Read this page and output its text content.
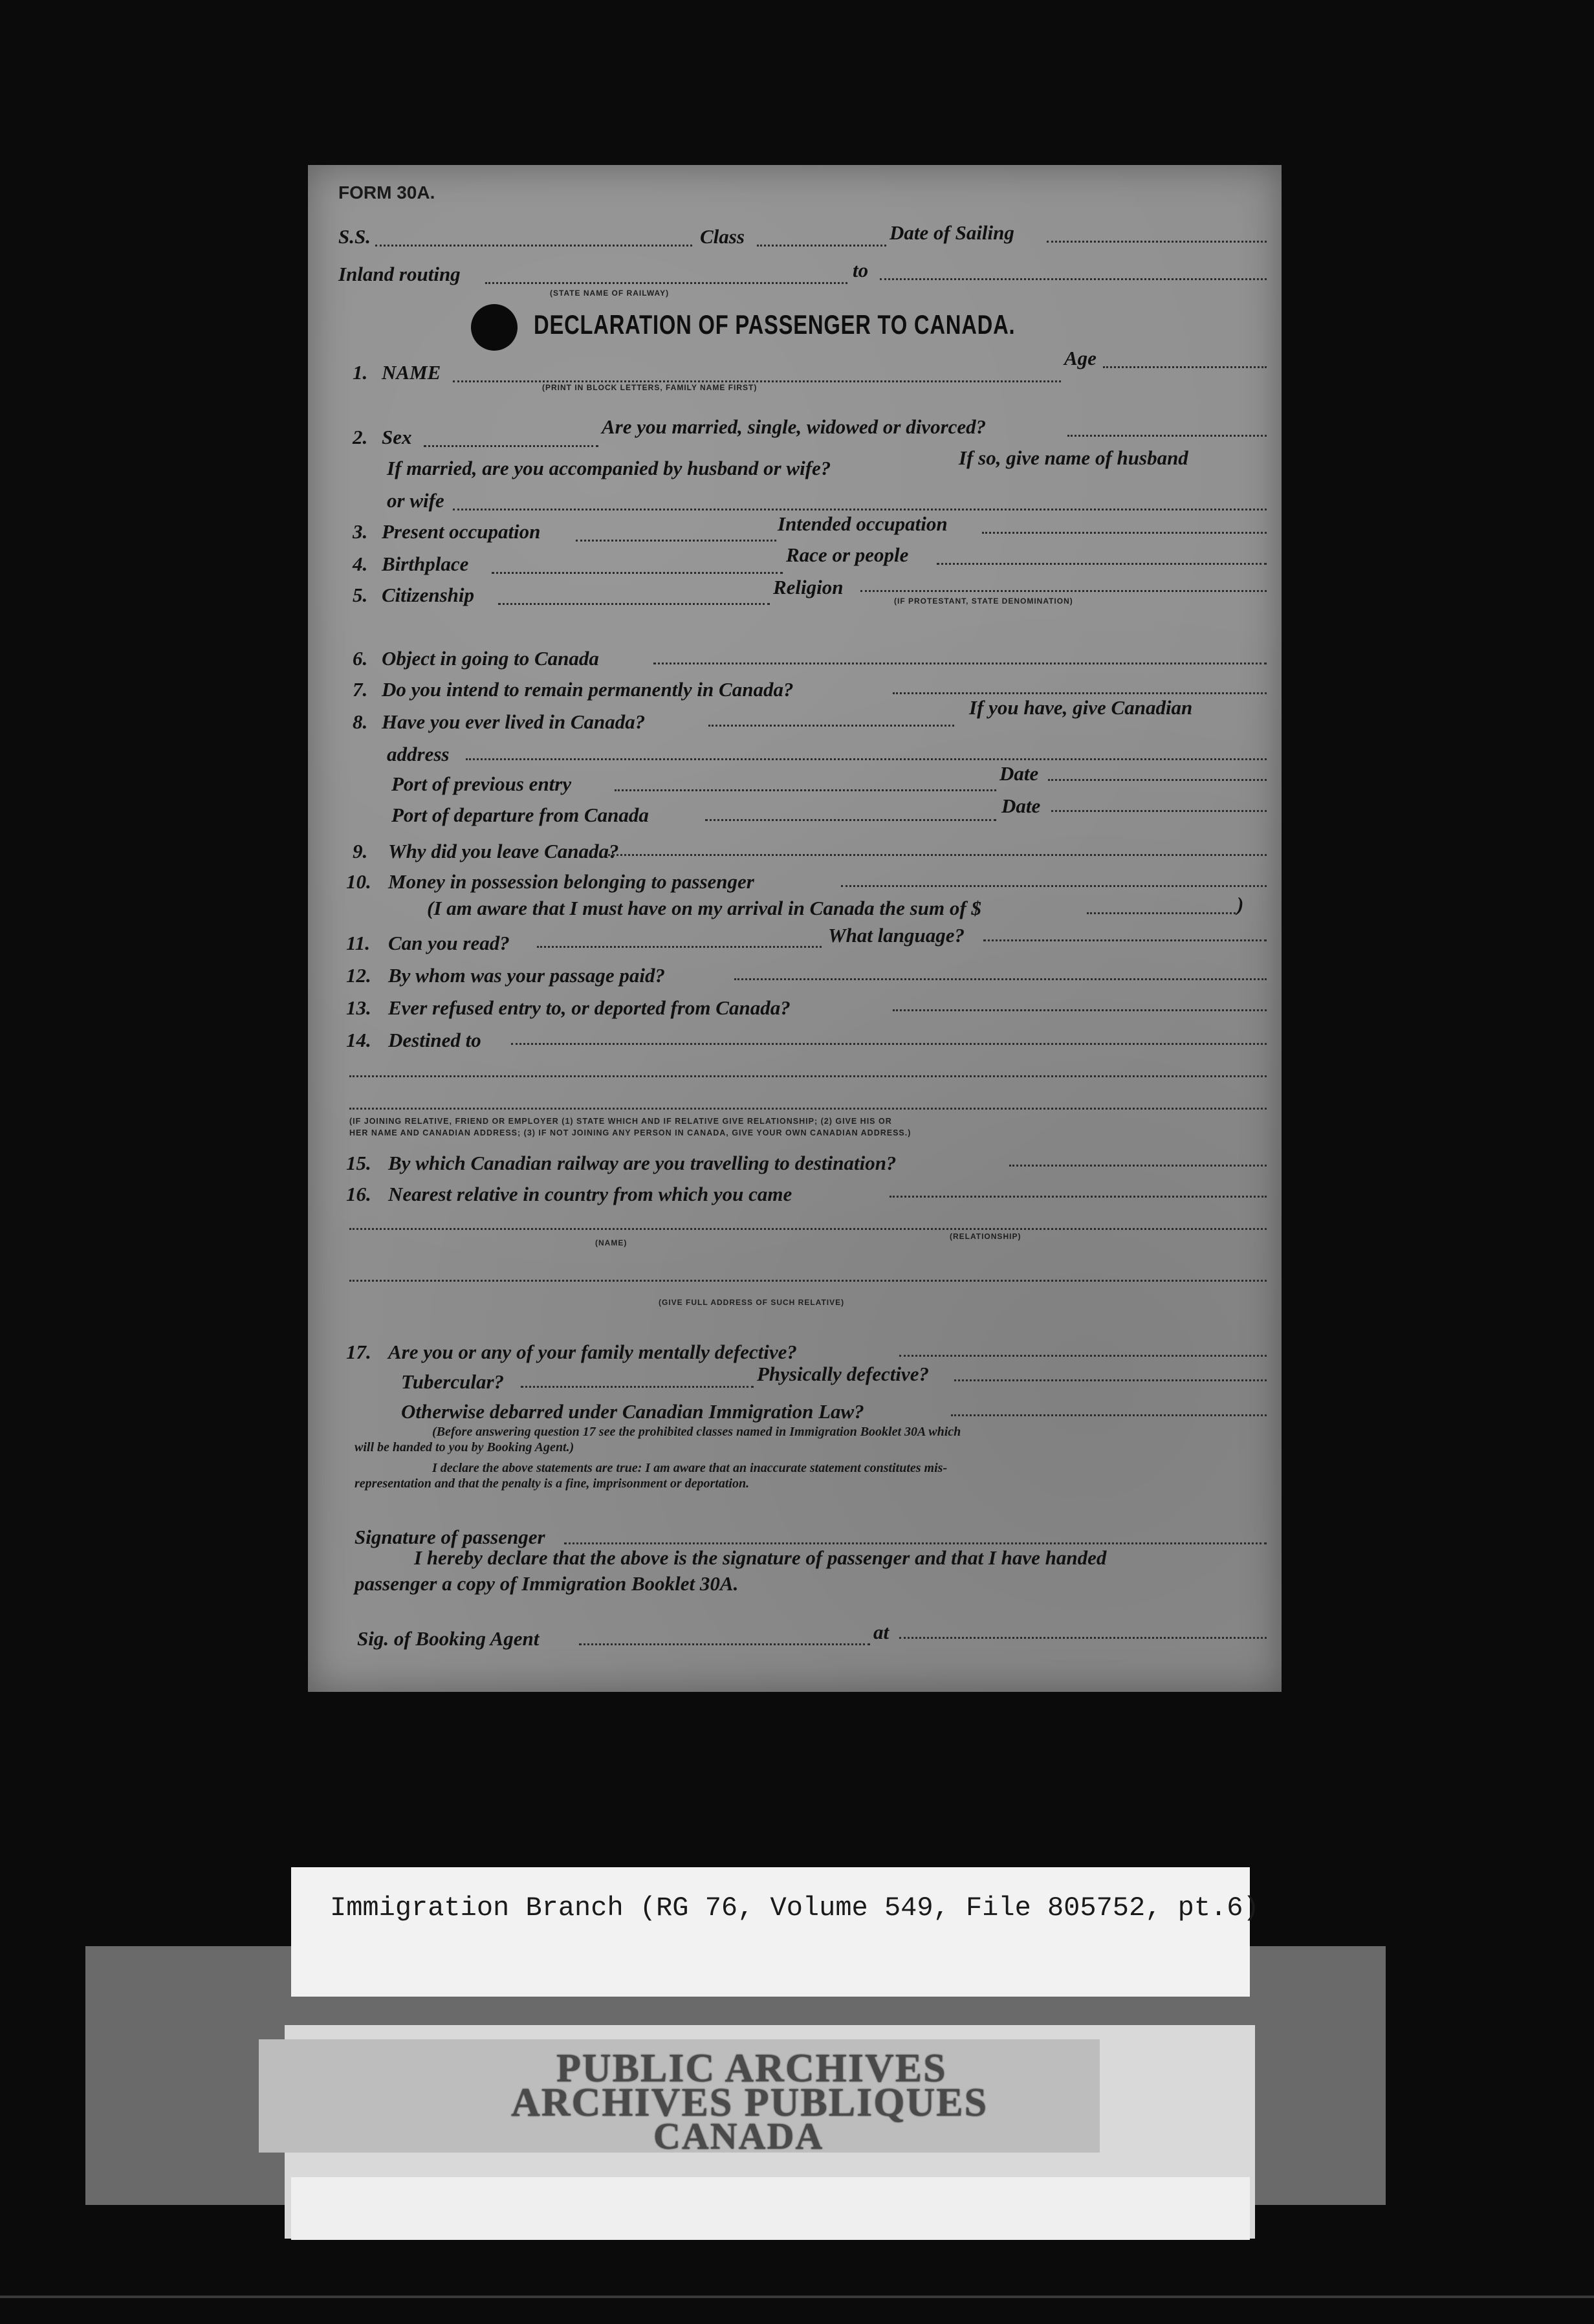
FORM 30A.
S.S.	Class	Date of Sailing
Inland routing	to
(STATE NAME OF RAILWAY)
DECLARATION OF PASSENGER TO CANADA.
1. NAME
Age
(PRINT IN BLOCK LETTERS, FAMILY NAME FIRST)
2. Sex	Are you married, single, widowed or divorced?
If married, are you accompanied by husband or wife?	If so, give name of husband
or wife
3. Present occupation	Intended occupation
4. Birthplace	Race or people
5. Citizenship	Religion
(IF PROTESTANT, STATE DENOMINATION)
6. Object in going to Canada
7. Do you intend to remain permanently in Canada?
8. Have you ever lived in Canada?
If you have, give Canadian
address
Port of previous entry	Date
Port of departure from Canada	Date
9. Why did you leave Canada?
10. Money in possession belonging to passenger
(I am aware that I must have on my arrival in Canada the sum of $	)
11. Can you read?	What language?
12. By whom was your passage paid?
13. Ever refused entry to, or deported from Canada?
14. Destined to
(IF JOINING RELATIVE, FRIEND OR EMPLOYER (1) STATE WHICH AND IF RELATIVE GIVE RELATIONSHIP; (2) GIVE HIS OR
HER NAME AND CANADIAN ADDRESS; (3) IF NOT JOINING ANY PERSON IN CANADA, GIVE YOUR OWN CANADIAN ADDRESS.)
15. By which Canadian railway are you travelling to destination?
16. Nearest relative in country from which you came
(NAME)
(RELATIONSHIP)
(GIVE FULL ADDRESS OF SUCH RELATIVE)
17. Are you or any of your family mentally defective?
Tubercular?	Physically defective?
Otherwise debarred under Canadian Immigration Law?
(Before answering question 17 see the prohibited classes named in Immigration Booklet 30A which
will be handed to you by Booking Agent.)
I declare the above statements are true: I am aware that an inaccurate statement constitutes mis-
representation and that the penalty is a fine, imprisonment or deportation.
Signature of passenger
I hereby declare that the above is the signature of passenger and that I have handed
passenger a copy of Immigration Booklet 30A.
Sig. of Booking Agent	at
Immigration Branch (RG 76, Volume 549, File 805752, pt.6)
PUBLIC ARCHIVES
ARCHIVES PUBLIQUES
CANADA
